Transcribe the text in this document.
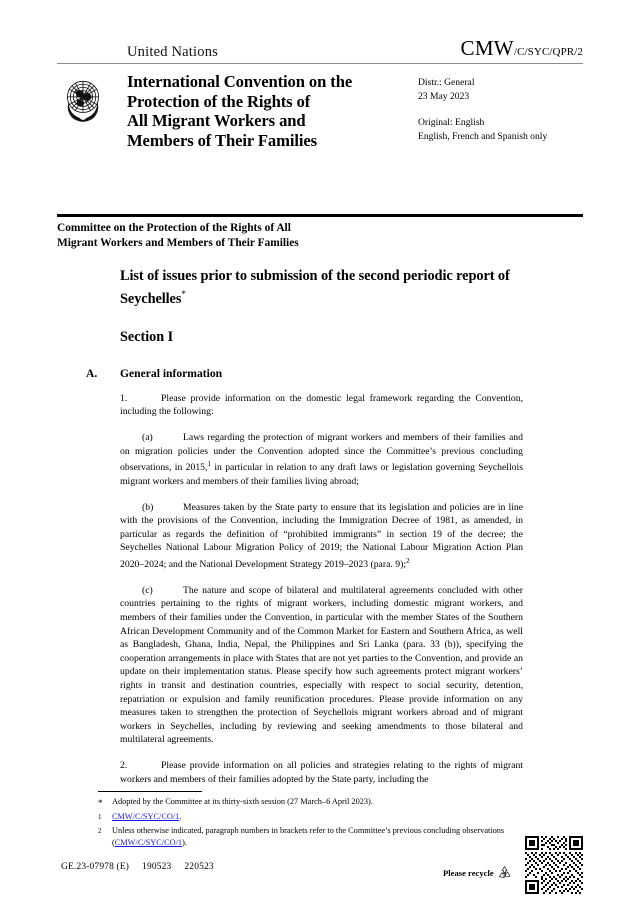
United Nations	CMW/C/SYC/QPR/2
International Convention on the
Protection of the Rights of
All Migrant Workers and
Members of Their Families
Distr.: General
23 May 2023
Original: English
English, French and Spanish only
Committee on the Protection of the Rights of All
Migrant Workers and Members of Their Families
List of issues prior to submission of the second periodic report of Seychelles*
Section I
A.	General information
1.	Please provide information on the domestic legal framework regarding the Convention, including the following:
(a)	Laws regarding the protection of migrant workers and members of their families and on migration policies under the Convention adopted since the Committee’s previous concluding observations, in 2015,$^1$ in particular in relation to any draft laws or legislation governing Seychellois migrant workers and members of their families living abroad;
(b)	Measures taken by the State party to ensure that its legislation and policies are in line with the provisions of the Convention, including the Immigration Decree of 1981, as amended, in particular as regards the definition of “prohibited immigrants” in section 19 of the decree; the Seychelles National Labour Migration Policy of 2019; the National Labour Migration Action Plan 2020–2024; and the National Development Strategy 2019–2023 (para. 9);$^2$
(c)	The nature and scope of bilateral and multilateral agreements concluded with other countries pertaining to the rights of migrant workers, including domestic migrant workers, and members of their families under the Convention, in particular with the member States of the Southern African Development Community and of the Common Market for Eastern and Southern Africa, as well as Bangladesh, Ghana, India, Nepal, the Philippines and Sri Lanka (para. 33 (b)), specifying the cooperation arrangements in place with States that are not yet parties to the Convention, and provide an update on their implementation status. Please specify how such agreements protect migrant workers’ rights in transit and destination countries, especially with respect to social security, detention, repatriation or expulsion and family reunification procedures. Please provide information on any measures taken to strengthen the protection of Seychellois migrant workers abroad and of migrant workers in Seychelles, including by reviewing and seeking amendments to those bilateral and multilateral agreements.
2.	Please provide information on all policies and strategies relating to the rights of migrant workers and members of their families adopted by the State party, including the
*	Adopted by the Committee at its thirty-sixth session (27 March–6 April 2023).
1	CMW/C/SYC/CO/1.
2	Unless otherwise indicated, paragraph numbers in brackets refer to the Committee’s previous concluding observations (CMW/C/SYC/CO/1).
GE.23-07978 (E) 190523 220523
Please recycle
